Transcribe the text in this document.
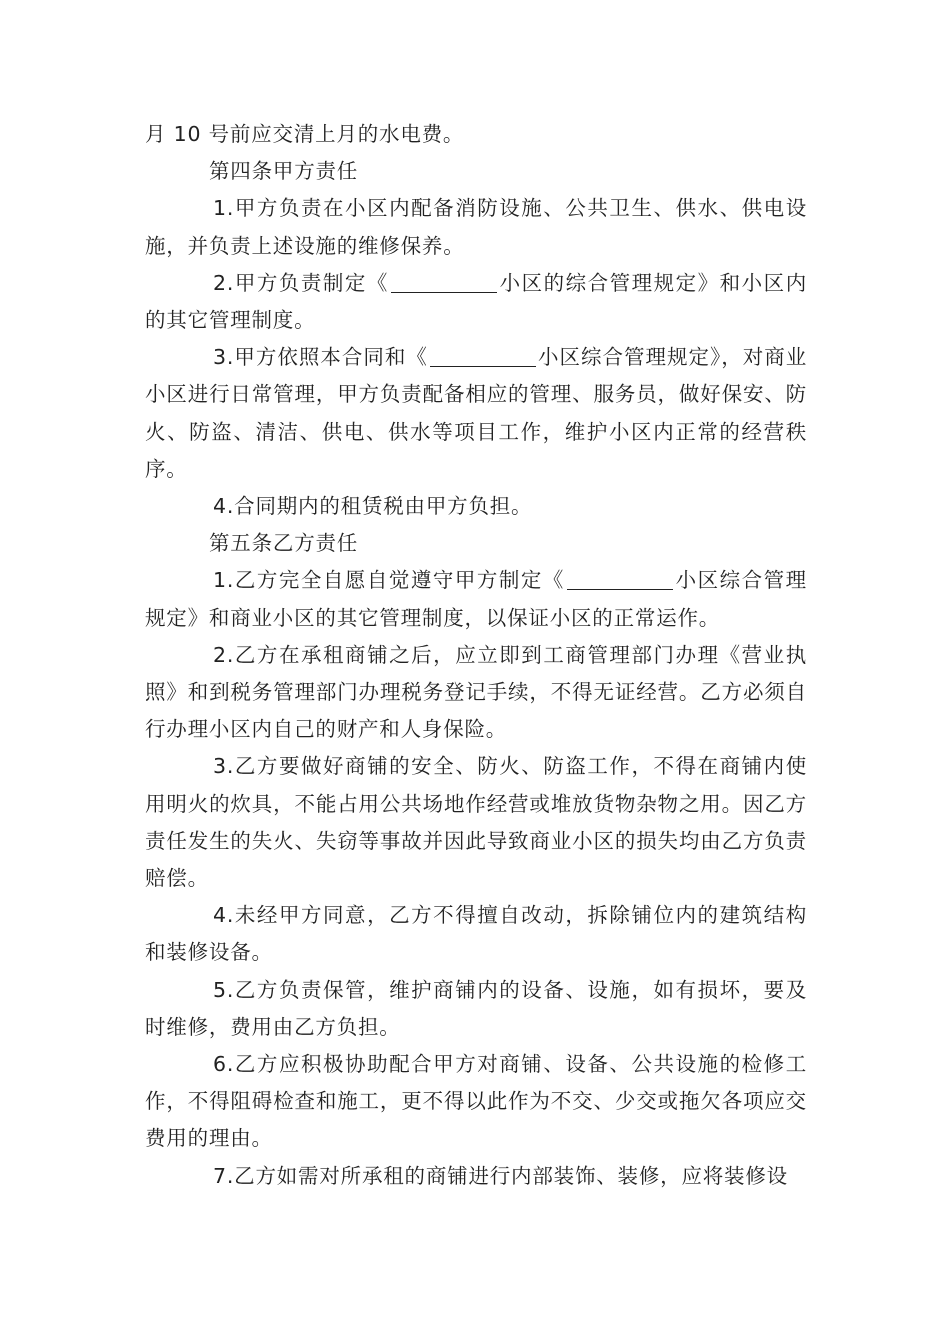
月 10 号前应交清上月的水电费。

第四条甲方责任

1.甲方负责在小区内配备消防设施、公共卫生、供水、供电设施，并负责上述设施的维修保养。

2.甲方负责制定《	小区的综合管理规定》和小区内的其它管理制度。

3.甲方依照本合同和《	小区综合管理规定》，对商业小区进行日常管理，甲方负责配备相应的管理、服务员，做好保安、防火、防盗、清洁、供电、供水等项目工作，维护小区内正常的经营秩序。

4.合同期内的租赁税由甲方负担。

第五条乙方责任

1.乙方完全自愿自觉遵守甲方制定《	小区综合管理规定》和商业小区的其它管理制度，以保证小区的正常运作。

2.乙方在承租商铺之后，应立即到工商管理部门办理《营业执照》和到税务管理部门办理税务登记手续，不得无证经营。乙方必须自行办理小区内自己的财产和人身保险。

3.乙方要做好商铺的安全、防火、防盗工作，不得在商铺内使用明火的炊具，不能占用公共场地作经营或堆放货物杂物之用。因乙方责任发生的失火、失窃等事故并因此导致商业小区的损失均由乙方负责赔偿。

4.未经甲方同意，乙方不得擅自改动，拆除铺位内的建筑结构和装修设备。

5.乙方负责保管，维护商铺内的设备、设施，如有损坏，要及时维修，费用由乙方负担。

6.乙方应积极协助配合甲方对商铺、设备、公共设施的检修工作，不得阻碍检查和施工，更不得以此作为不交、少交或拖欠各项应交费用的理由。

7.乙方如需对所承租的商铺进行内部装饰、装修，应将装修设
